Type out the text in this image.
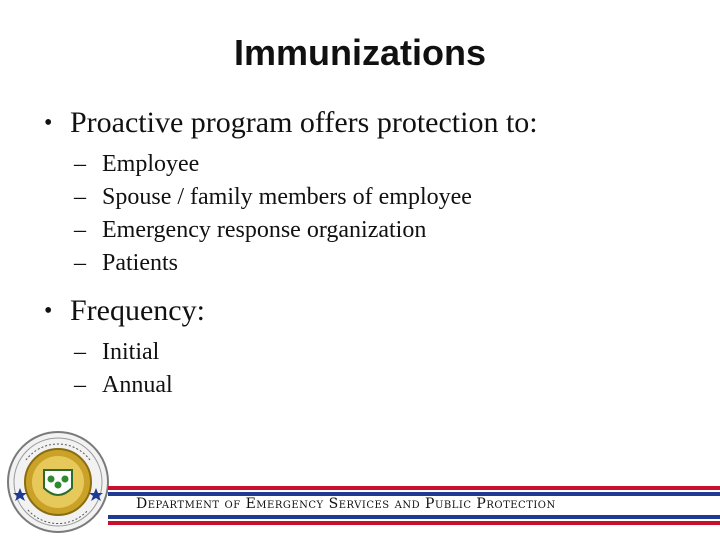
Immunizations
• Proactive program offers protection to:
– Employee
– Spouse / family members of employee
– Emergency response organization
– Patients
• Frequency:
– Initial
– Annual
Department of Emergency Services and Public Protection
